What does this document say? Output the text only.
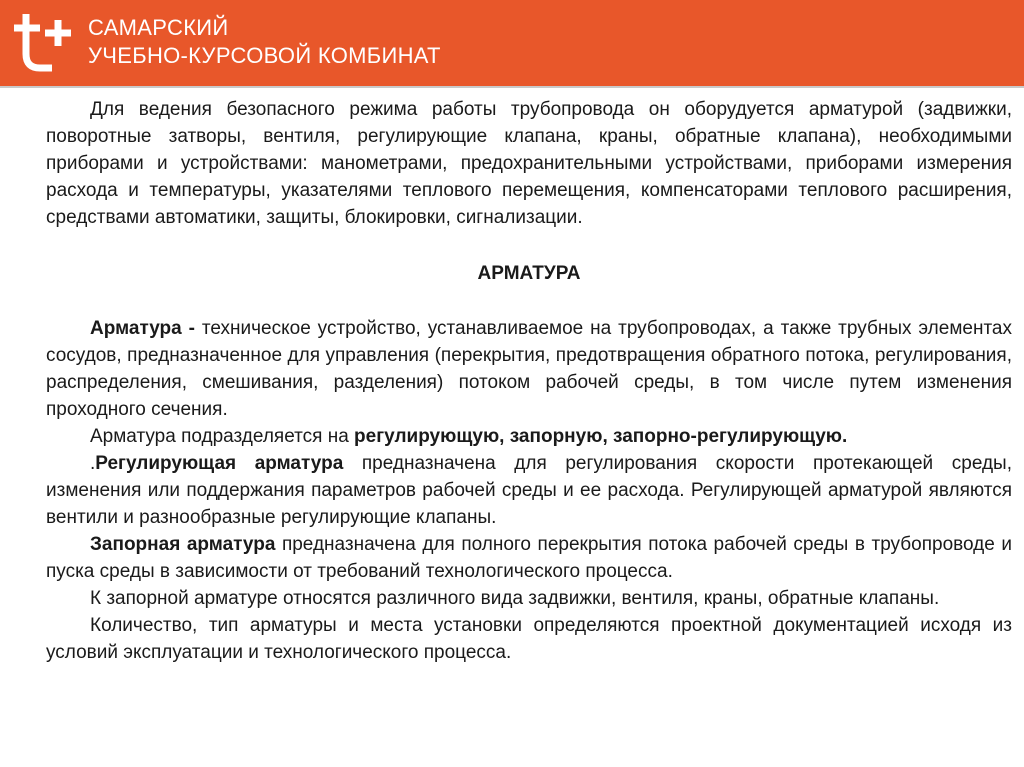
САМАРСКИЙ
УЧЕБНО-КУРСОВОЙ КОМБИНАТ

Для ведения безопасного режима работы трубопровода он оборудуется арматурой (задвижки, поворотные затворы, вентиля, регулирующие клапана, краны, обратные клапана), необходимыми приборами и устройствами: манометрами, предохранительными устройствами, приборами измерения расхода и температуры, указателями теплового перемещения, компенсаторами теплового расширения, средствами автоматики, защиты, блокировки, сигнализации.

АРМАТУРА

Арматура - техническое устройство, устанавливаемое на трубопроводах, а также трубных элементах сосудов, предназначенное для управления (перекрытия, предотвращения обратного потока, регулирования, распределения, смешивания, разделения) потоком рабочей среды, в том числе путем изменения проходного сечения.

Арматура подразделяется на регулирующую, запорную, запорно-регулирующую.

.Регулирующая арматура предназначена для регулирования скорости протекающей среды, изменения или поддержания параметров рабочей среды и ее расхода. Регулирующей арматурой являются вентили и разнообразные регулирующие клапаны.

Запорная арматура предназначена для полного перекрытия потока рабочей среды в трубопроводе и пуска среды в зависимости от требований технологического процесса.

К запорной арматуре относятся различного вида задвижки, вентиля, краны, обратные клапаны.

Количество, тип арматуры и места установки определяются проектной документацией исходя из условий эксплуатации и технологического процесса.
